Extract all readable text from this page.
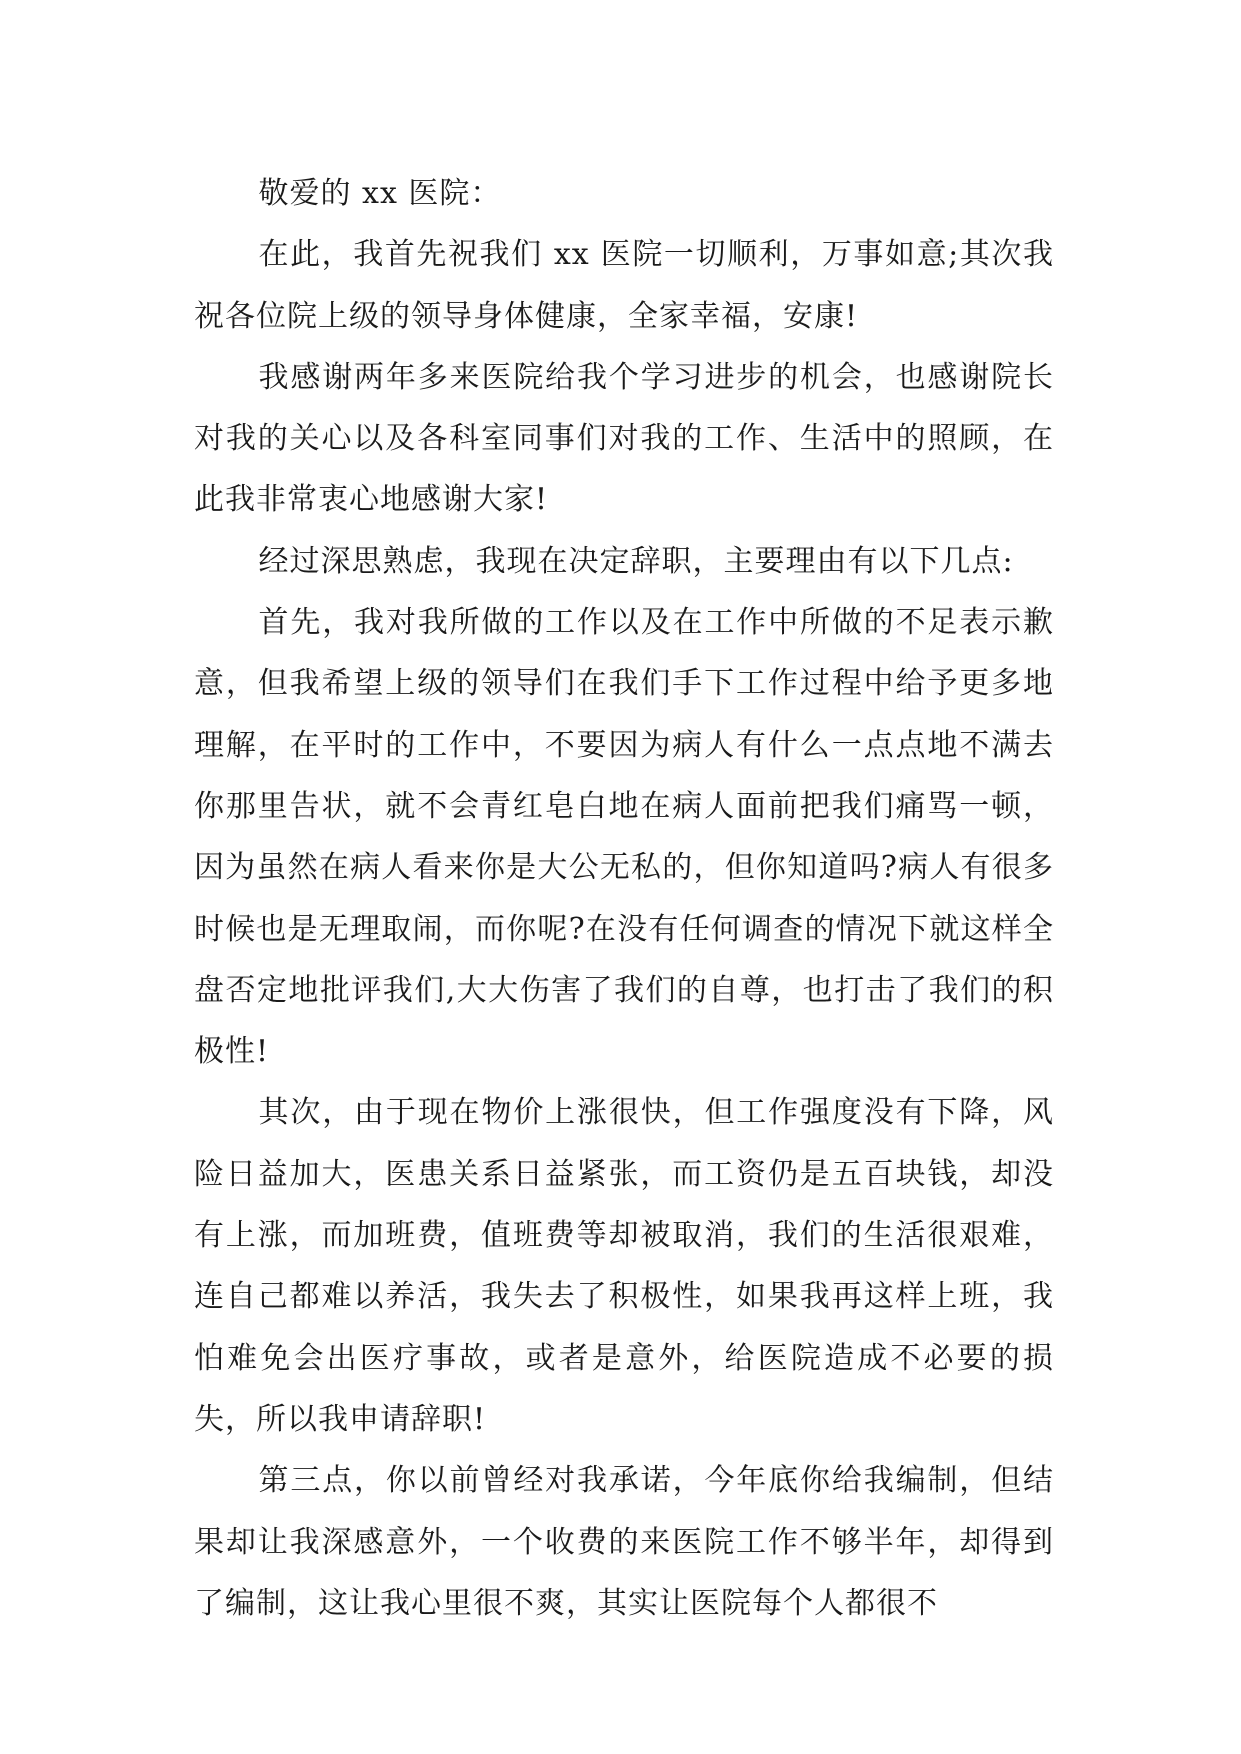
敬爱的 xx 医院：

在此，我首先祝我们 xx 医院一切顺利，万事如意;其次我祝各位院上级的领导身体健康，全家幸福，安康!

我感谢两年多来医院给我个学习进步的机会，也感谢院长对我的关心以及各科室同事们对我的工作、生活中的照顾，在此我非常衷心地感谢大家!

经过深思熟虑，我现在决定辞职，主要理由有以下几点:

首先，我对我所做的工作以及在工作中所做的不足表示歉意，但我希望上级的领导们在我们手下工作过程中给予更多地理解，在平时的工作中，不要因为病人有什么一点点地不满去你那里告状，就不会青红皂白地在病人面前把我们痛骂一顿，因为虽然在病人看来你是大公无私的，但你知道吗?病人有很多时候也是无理取闹，而你呢?在没有任何调查的情况下就这样全盘否定地批评我们,大大伤害了我们的自尊，也打击了我们的积极性!

其次，由于现在物价上涨很快，但工作强度没有下降，风险日益加大，医患关系日益紧张，而工资仍是五百块钱，却没有上涨，而加班费，值班费等却被取消，我们的生活很艰难，连自己都难以养活，我失去了积极性，如果我再这样上班，我怕难免会出医疗事故，或者是意外，给医院造成不必要的损失，所以我申请辞职!

第三点，你以前曾经对我承诺，今年底你给我编制，但结果却让我深感意外，一个收费的来医院工作不够半年，却得到了编制，这让我心里很不爽，其实让医院每个人都很不
